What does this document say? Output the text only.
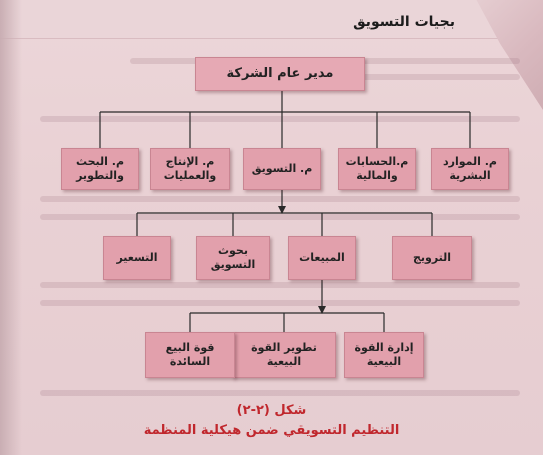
بجيات التسويق
مدير عام الشركة
م. الموارد
البشرية
م.الحسابات
والمالية
م. التسويق
م. الإنتاج
والعمليات
م. البحث
والتطوير
الترويج
المبيعات
بحوث
التسويق
التسعير
إدارة القوة
البيعية
تطوير القوة
البيعية
قوة البيع
السائدة
شكل (٢-٢)
التنظيم التسويقي ضمن هيكلية المنظمة
